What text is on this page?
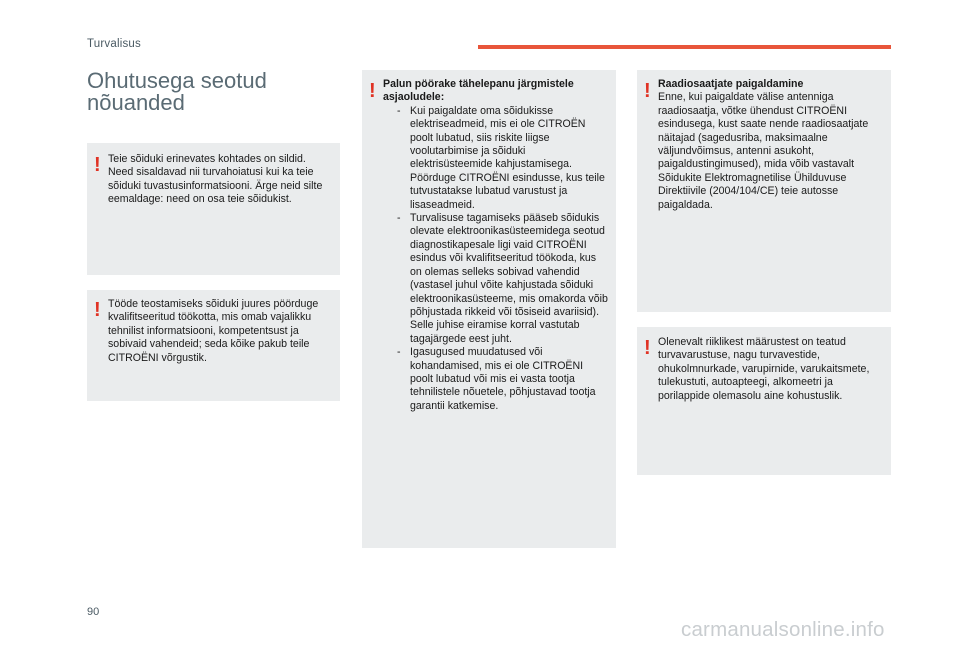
Turvalisus
Ohutusega seotud nõuanded
! Teie sõiduki erinevates kohtades on sildid. Need sisaldavad nii turvahoiatusi kui ka teie sõiduki tuvastusinformatsiooni. Ärge neid silte eemaldage: need on osa teie sõidukist.

! Tööde teostamiseks sõiduki juures pöörduge kvalifitseeritud töökotta, mis omab vajalikku tehnilist informatsiooni, kompetentsust ja sobivaid vahendeid; seda kõike pakub teile CITROËNI võrgustik.

! Palun pöörake tähelepanu järgmistele asjaoludele:

- Kui paigaldate oma sõidukisse elektriseadmeid, mis ei ole CITROËN poolt lubatud, siis riskite liigse voolutarbimise ja sõiduki elektrisüsteemide kahjustamisega. Pöörduge CITROËNI esindusse, kus teile tutvustatakse lubatud varustust ja lisaseadmeid.
- Turvalisuse tagamiseks pääseb sõidukis olevate elektroonikasüsteemidega seotud diagnostikapesale ligi vaid CITROËNI esindus või kvalifitseeritud töökoda, kus on olemas selleks sobivad vahendid (vastasel juhul võite kahjustada sõiduki elektroonikasüsteeme, mis omakorda võib põhjustada rikkeid või tõsiseid avariisid). Selle juhise eiramise korral vastutab tagajärgede eest juht.
- Igasugused muudatused või kohandamised, mis ei ole CITROËNI poolt lubatud või mis ei vasta tootja tehnilistele nõuetele, põhjustavad tootja garantii katkemise.
! Raadiosaatjate paigaldamine

Enne, kui paigaldate välise antenniga raadiosaatja, võtke ühendust CITROËNI esindusega, kust saate nende raadiosaatjate näitajad (sagedusriba, maksimaalne väljundvõimsus, antenni asukoht, paigaldustingimused), mida võib vastavalt Sõidukite Elektromagnetilise Ühilduvuse Direktiivile (2004/104/CE) teie autosse paigaldada.

! Olenevalt riiklikest määrustest on teatud turvavarustuse, nagu turvavestide, ohukolmnurkade, varupirnide, varukaitsmete, tulekustuti, autoapteegi, alkomeetri ja porilappide olemasolu aine kohustuslik.

90
carmanualsonline.info
